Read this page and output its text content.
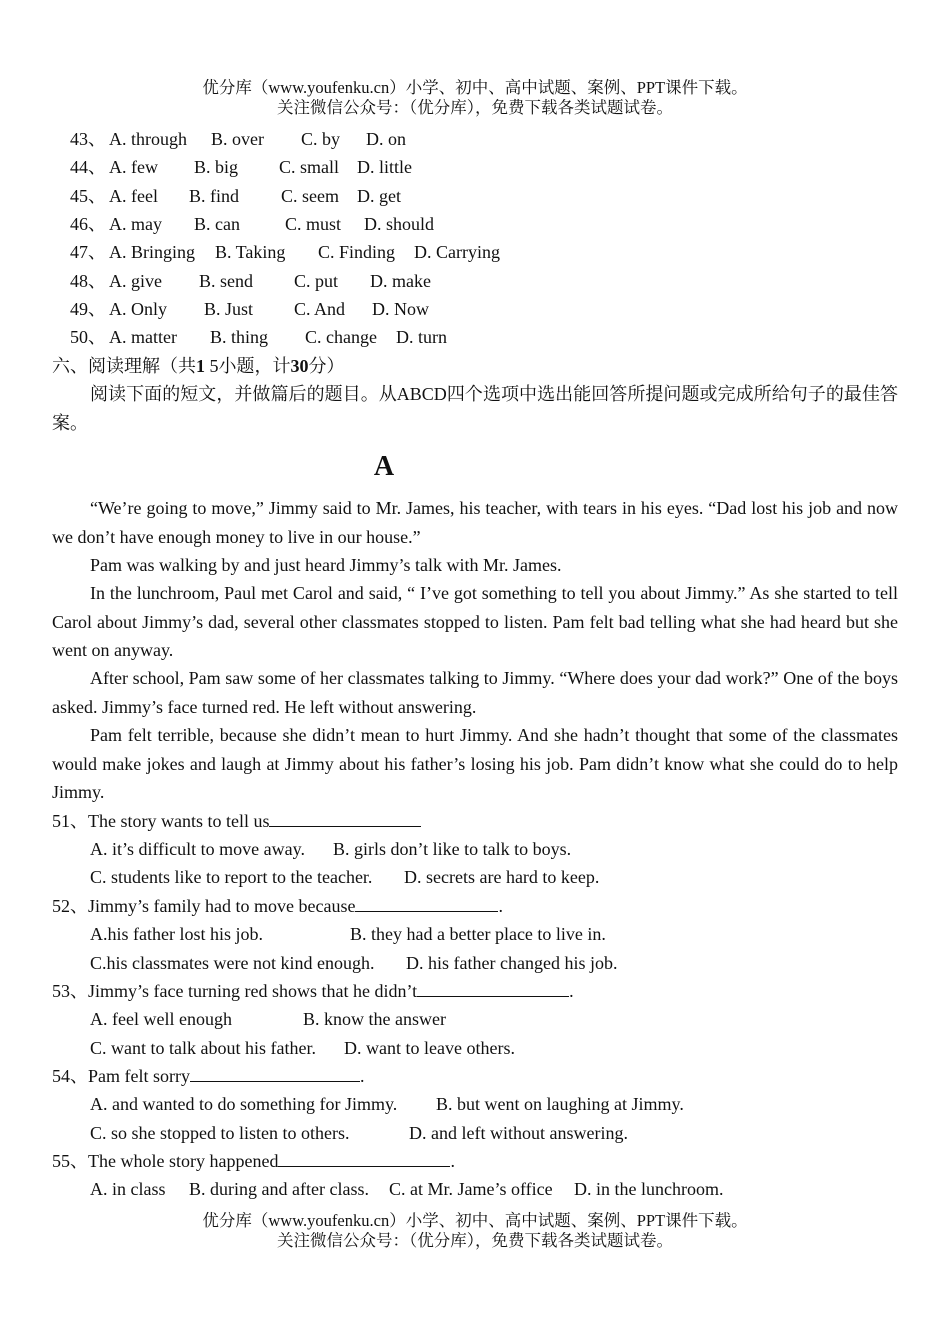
优分库（www.youfenku.cn）小学、初中、高中试题、案例、PPT课件下载。
关注微信公众号：（优分库），免费下载各类试题试卷。
43、 A. through B. over C. by D. on
44、 A. few B. big C. small D. little
45、 A. feel B. find C. seem D. get
46、 A. may B. can	C. must D. should
47、 A. Bringing B. Taking C. Finding D. Carrying
48、 A. give B. send C. put D. make
49、 A. Only B. Just C. And D. Now
50、 A. matter B. thing C. change D. turn
六、阅读理解（共1 5小题，计30分）
阅读下面的短文，并做篇后的题目。从ABCD四个选项中选出能回答所提问题或完成所给句子的最佳答案。
A
“We’re going to move,” Jimmy said to Mr. James, his teacher, with tears in his eyes. “Dad lost his job and now we don’t have enough money to live in our house.”
Pam was walking by and just heard Jimmy’s talk with Mr. James.
In the lunchroom, Paul met Carol and said, “ I’ve got something to tell you about Jimmy.” As she started to tell Carol about Jimmy’s dad, several other classmates stopped to listen. Pam felt bad telling what she had heard but she went on anyway.
After school, Pam saw some of her classmates talking to Jimmy. “Where does your dad work?” One of the boys asked. Jimmy’s face turned red. He left without answering.
Pam felt terrible, because she didn’t mean to hurt Jimmy. And she hadn’t thought that some of the classmates would make jokes and laugh at Jimmy about his father’s losing his job. Pam didn’t know what she could do to help Jimmy.
51、The story wants to tell us
A. it’s difficult to move away. B. girls don’t like to talk to boys.
C. students like to report to the teacher. D. secrets are hard to keep.
52、Jimmy’s family had to move because	.
A.his father lost his job.	B. they had a better place to live in.
C.his classmates were not kind enough. D. his father changed his job.
53、Jimmy’s face turning red shows that he didn’t	.
A. feel well enough	B. know the answer
C. want to talk about his father. D. want to leave others.
54、Pam felt sorry	.
A. and wanted to do something for Jimmy. B. but went on laughing at Jimmy.
C. so she stopped to listen to others.	D. and left without answering.
55、The whole story happened	.
A. in class B. during and after class. C. at Mr. Jame’s office D. in the lunchroom.
优分库（www.youfenku.cn）小学、初中、高中试题、案例、PPT课件下载。
关注微信公众号：（优分库），免费下载各类试题试卷。
